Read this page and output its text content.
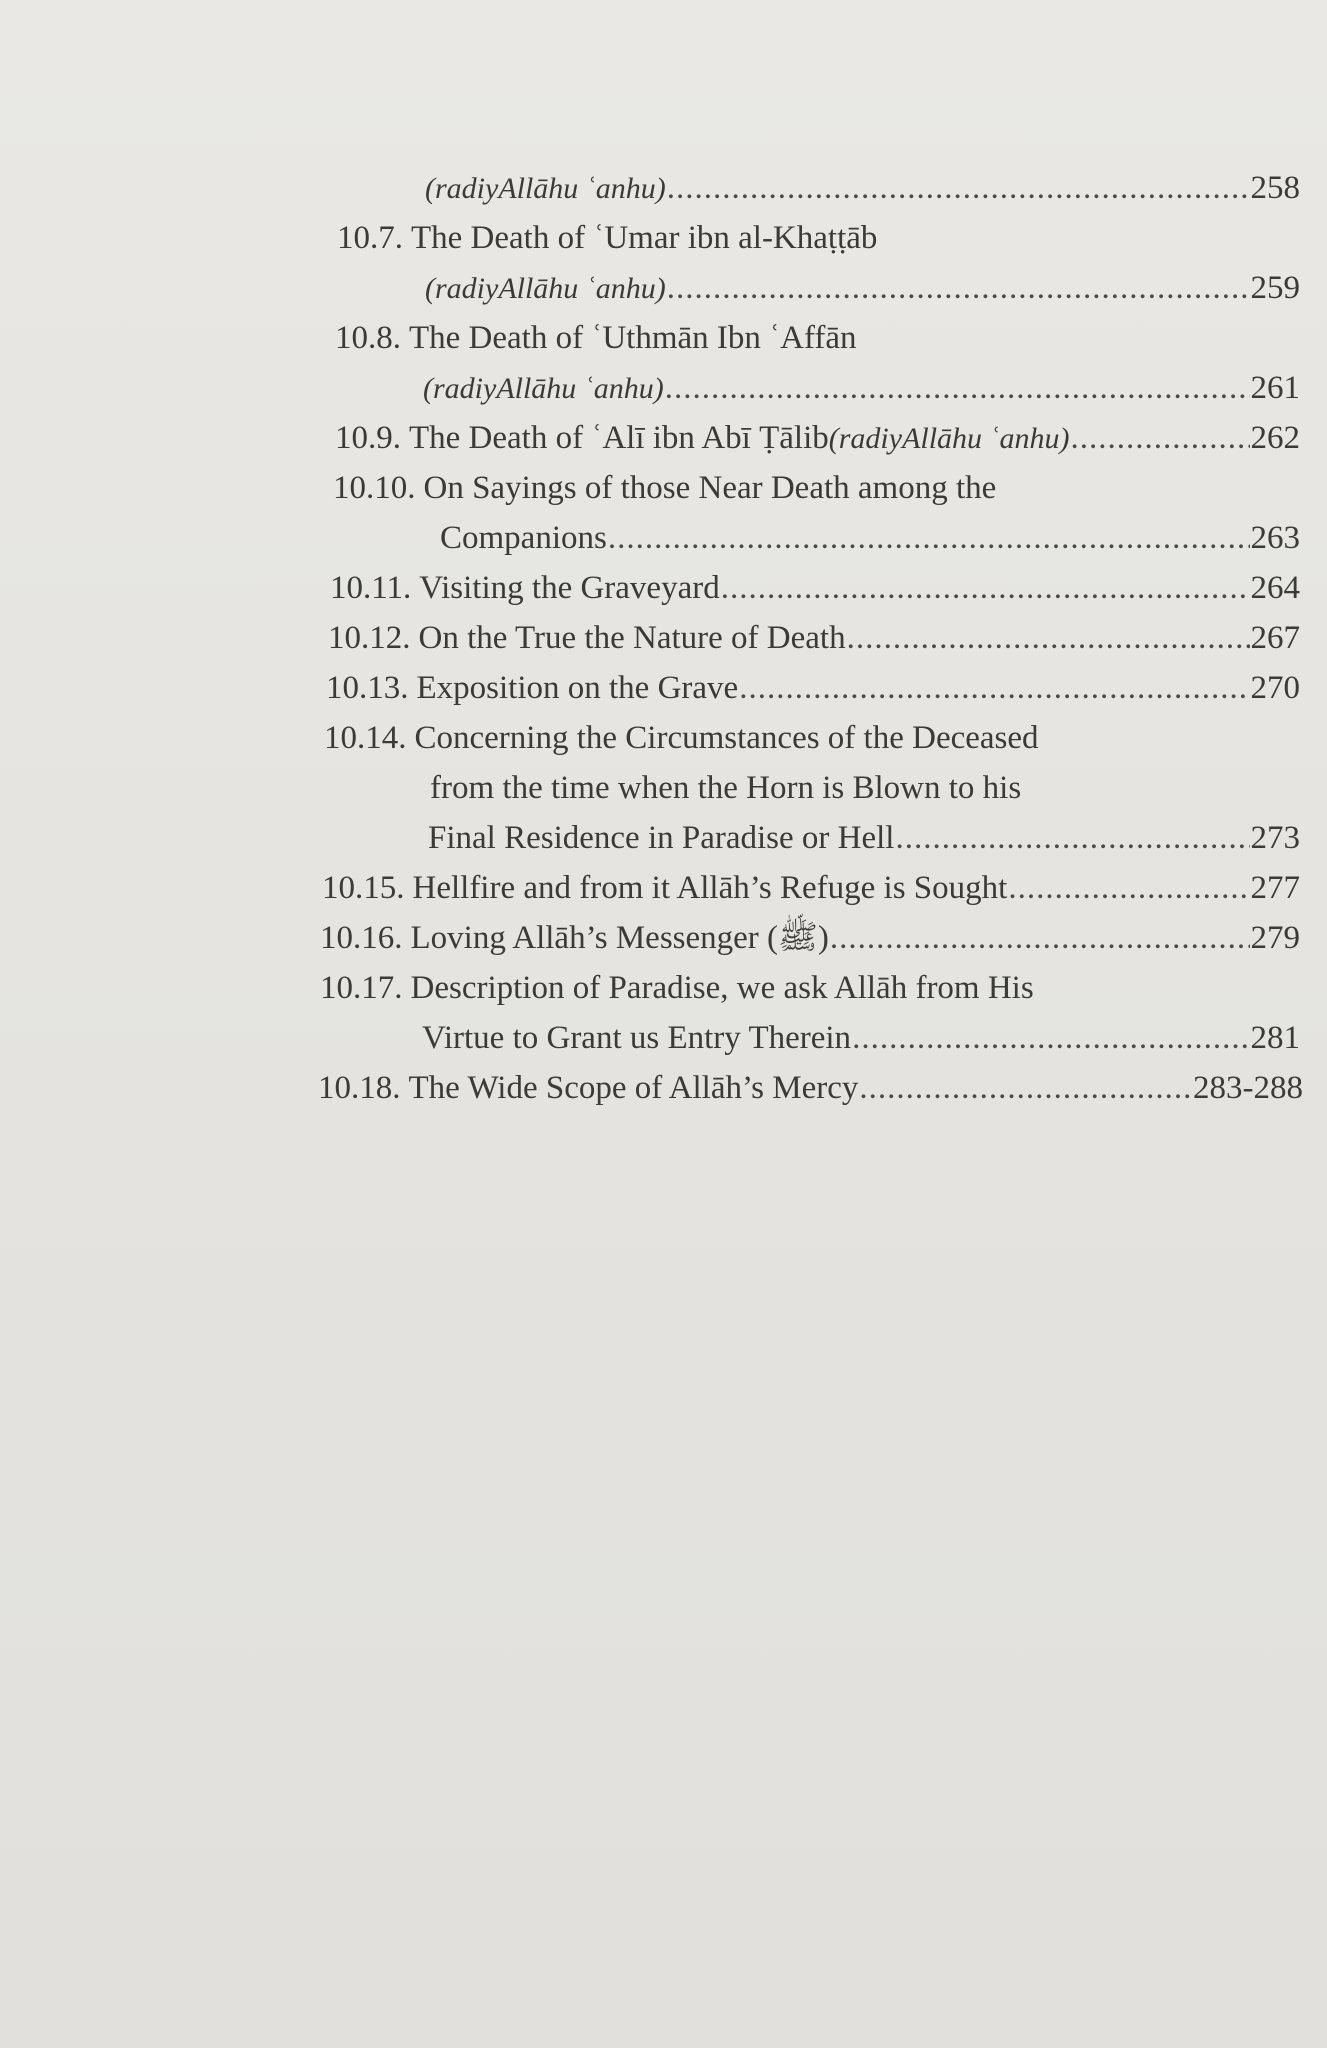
(radiyAllāhu ʿanhu) .....	258
10.7. The Death of ʿUmar ibn al-Khaṭṭāb
(radiyAllāhu ʿanhu) .....	259
10.8. The Death of ʿUthmān Ibn ʿAffān
(radiyAllāhu ʿanhu) .....	261
10.9. The Death of ʿAlī ibn Abī Ṭālib (radiyAllāhu ʿanhu) .....	262
10.10. On Sayings of those Near Death among the
Companions .....	263
10.11. Visiting the Graveyard .....	264
10.12. On the True the Nature of Death .....	267
10.13. Exposition on the Grave .....	270
10.14. Concerning the Circumstances of the Deceased
from the time when the Horn is Blown to his
Final Residence in Paradise or Hell .....	273
10.15. Hellfire and from it Allāh’s Refuge is Sought .....	277
10.16. Loving Allāh’s Messenger (ﷺ) .....	279
10.17. Description of Paradise, we ask Allāh from His
Virtue to Grant us Entry Therein .....	281
10.18. The Wide Scope of Allāh’s Mercy .....	283-288
